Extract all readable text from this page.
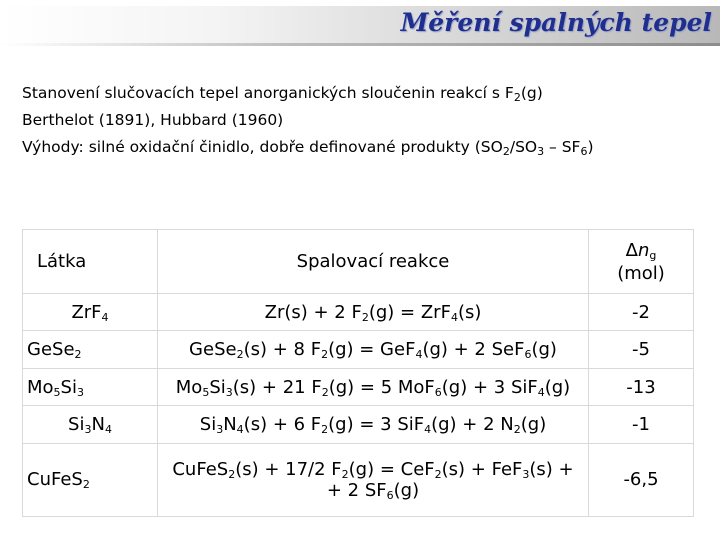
Měření spalných tepel
Stanovení slučovacích tepel anorganických sloučenin reakcí s $F_2(g)$
Berthelot (1891), Hubbard (1960)
Výhody: silné oxidační činidlo, dobře definované produkty $(SO_2/SO_3 - SF_6)$
Látka	Spalovací reakce	$\Delta n_g$
(mol)

ZrF$_4$	Zr(s) + 2 $F_2(g) = ZrF_4(s)$	-2
GeSe$_2$	GeSe$_2$(s) + 8 $F_2(g) = GeF_4(g) + 2$ SeF$_6$(g)	-5
$Mo_5Si_3$	$Mo_5Si_3(s) + 21$ $F_2(g) = 5$ MoF$_6$(g) + 3 SiF$_4$(g)	-13
$Si_3N_4$	$Si_3N_4(s) + 6$ $F_2(g) = 3$ SiF$_4$(g) + 2 $N_2(g)$	-1
CuFeS$_2$	CuFeS$_2$(s) + 17/2 $F_2(g) = CeF_2(s) + FeF_3(s)$ +
+ 2 $SF_6(g)$	-6,5
